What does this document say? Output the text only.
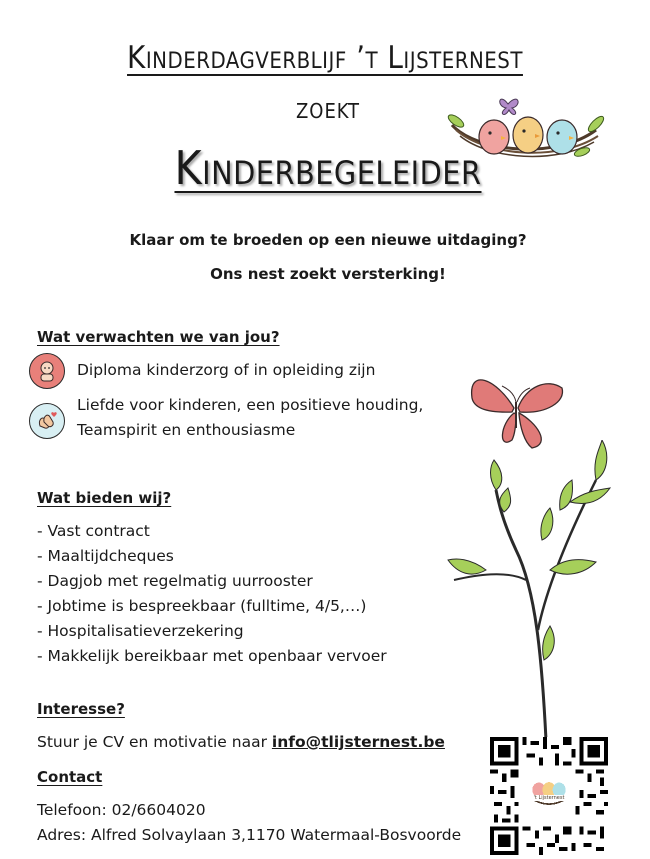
Kinderdagverblijf ’t Lijsternest
zoekt
Kinderbegeleider
Klaar om te broeden op een nieuwe uitdaging?
Ons nest zoekt versterking!
Wat verwachten we van jou?
Diploma kinderzorg of in opleiding zijn
Liefde voor kinderen, een positieve houding,
Teamspirit en enthousiasme
Wat bieden wij?
- Vast contract
- Maaltijdcheques
- Dagjob met regelmatig uurrooster
- Jobtime is bespreekbaar (fulltime, 4/5,…)
- Hospitalisatieverzekering
- Makkelijk bereikbaar met openbaar vervoer
Interesse?
Stuur je CV en motivatie naar info@tlijsternest.be
Contact
Telefoon: 02/6604020
Adres: Alfred Solvaylaan 3,1170 Watermaal-Bosvoorde
't Lijsternest
